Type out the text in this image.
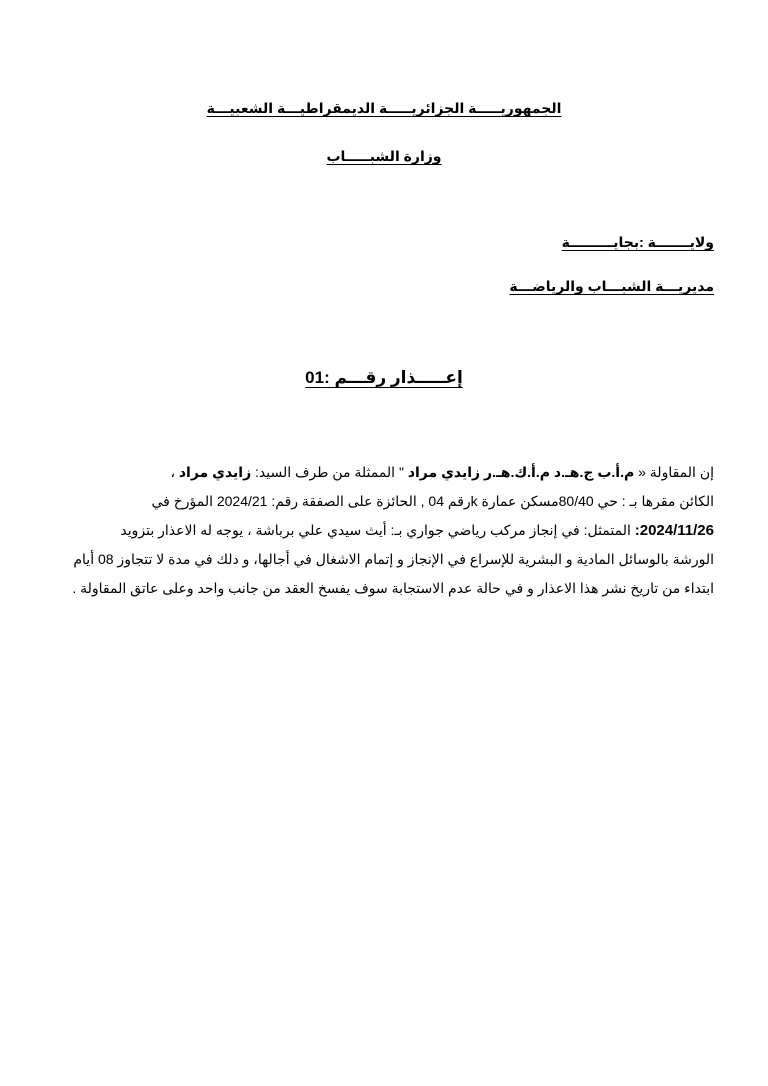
الجمهوريـــــة الجزائريـــــة الديمقراطيـــة الشعبيـــة
وزارة الشبـــــاب
ولايـــــــة :بجايـــــــــة
مديريـــة الشبـــاب والرياضـــة
إعـــــذار رقـــم :01

إن المقاولة « م.أ.ب ج.هـ.د م.أ.ك.هـ.ر زايدي مراد " الممثلة من طرف السيد: زايدي مراد ،

الكائن مقرها بـ : حي 80/40مسكن عمارة kرقم 04 , الحائزة على الصفقة رقم: 2024/21 المؤرخ في

2024/11/26: المتمثل: في إنجاز مركب رياضي جواري بـ: أيث سيدي علي برباشة ، يوجه له الاعذار بتزويد

الورشة بالوسائل المادية و البشرية للإسراع في الإنجاز و إتمام الاشغال في أجالها، و دلك في مدة لا تتجاوز 08 أيام

ابتداء من تاريخ نشر هذا الاعذار و في حالة عدم الاستجابة سوف يفسخ العقد من جانب واحد وعلى عاتق المقاولة .
